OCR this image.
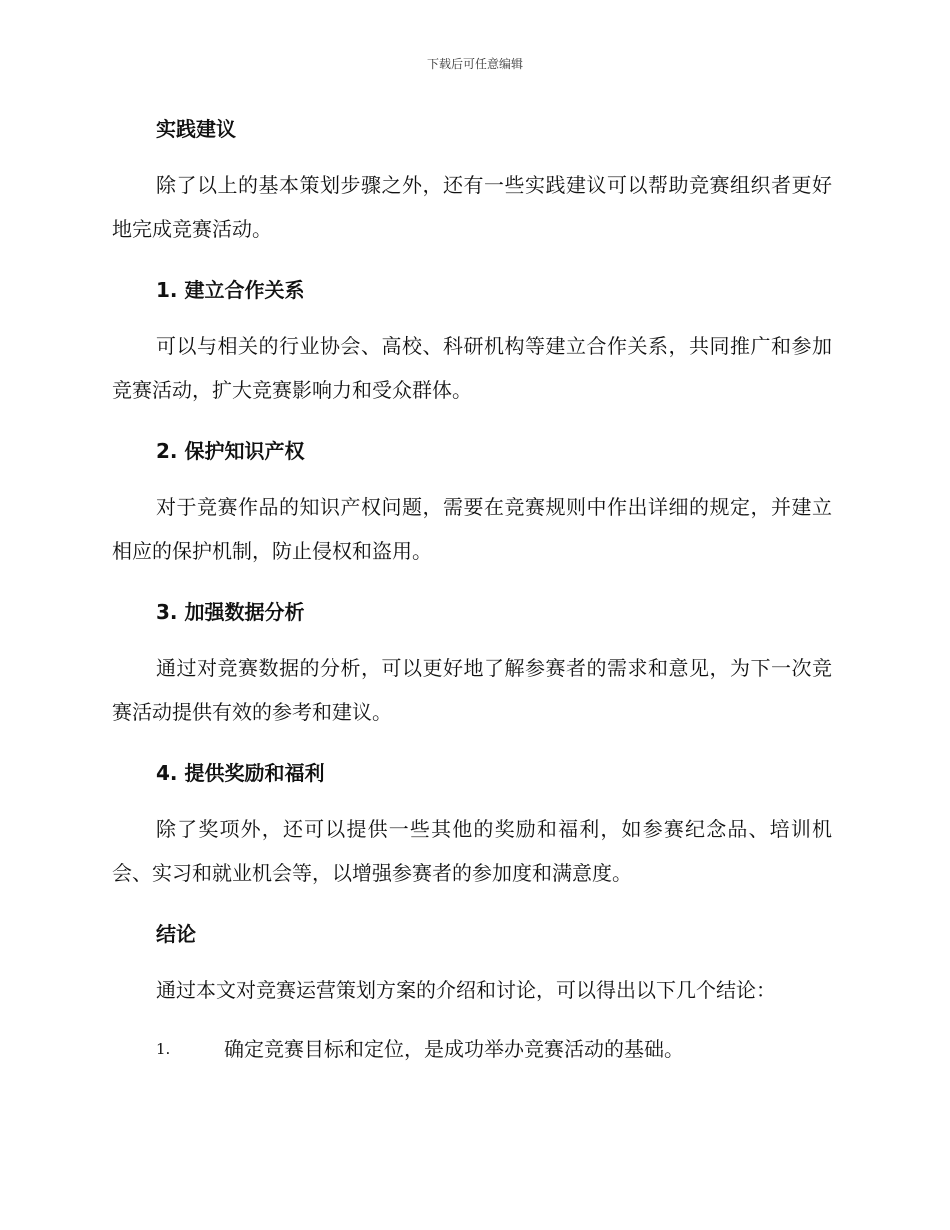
下载后可任意编辑
实践建议

除了以上的基本策划步骤之外，还有一些实践建议可以帮助竞赛组织者更好地完成竞赛活动。

1. 建立合作关系

可以与相关的行业协会、高校、科研机构等建立合作关系，共同推广和参加竞赛活动，扩大竞赛影响力和受众群体。

2. 保护知识产权

对于竞赛作品的知识产权问题，需要在竞赛规则中作出详细的规定，并建立相应的保护机制，防止侵权和盗用。

3. 加强数据分析

通过对竞赛数据的分析，可以更好地了解参赛者的需求和意见，为下一次竞赛活动提供有效的参考和建议。

4. 提供奖励和福利

除了奖项外，还可以提供一些其他的奖励和福利，如参赛纪念品、培训机会、实习和就业机会等，以增强参赛者的参加度和满意度。

结论

通过本文对竞赛运营策划方案的介绍和讨论，可以得出以下几个结论：

1.	确定竞赛目标和定位，是成功举办竞赛活动的基础。
